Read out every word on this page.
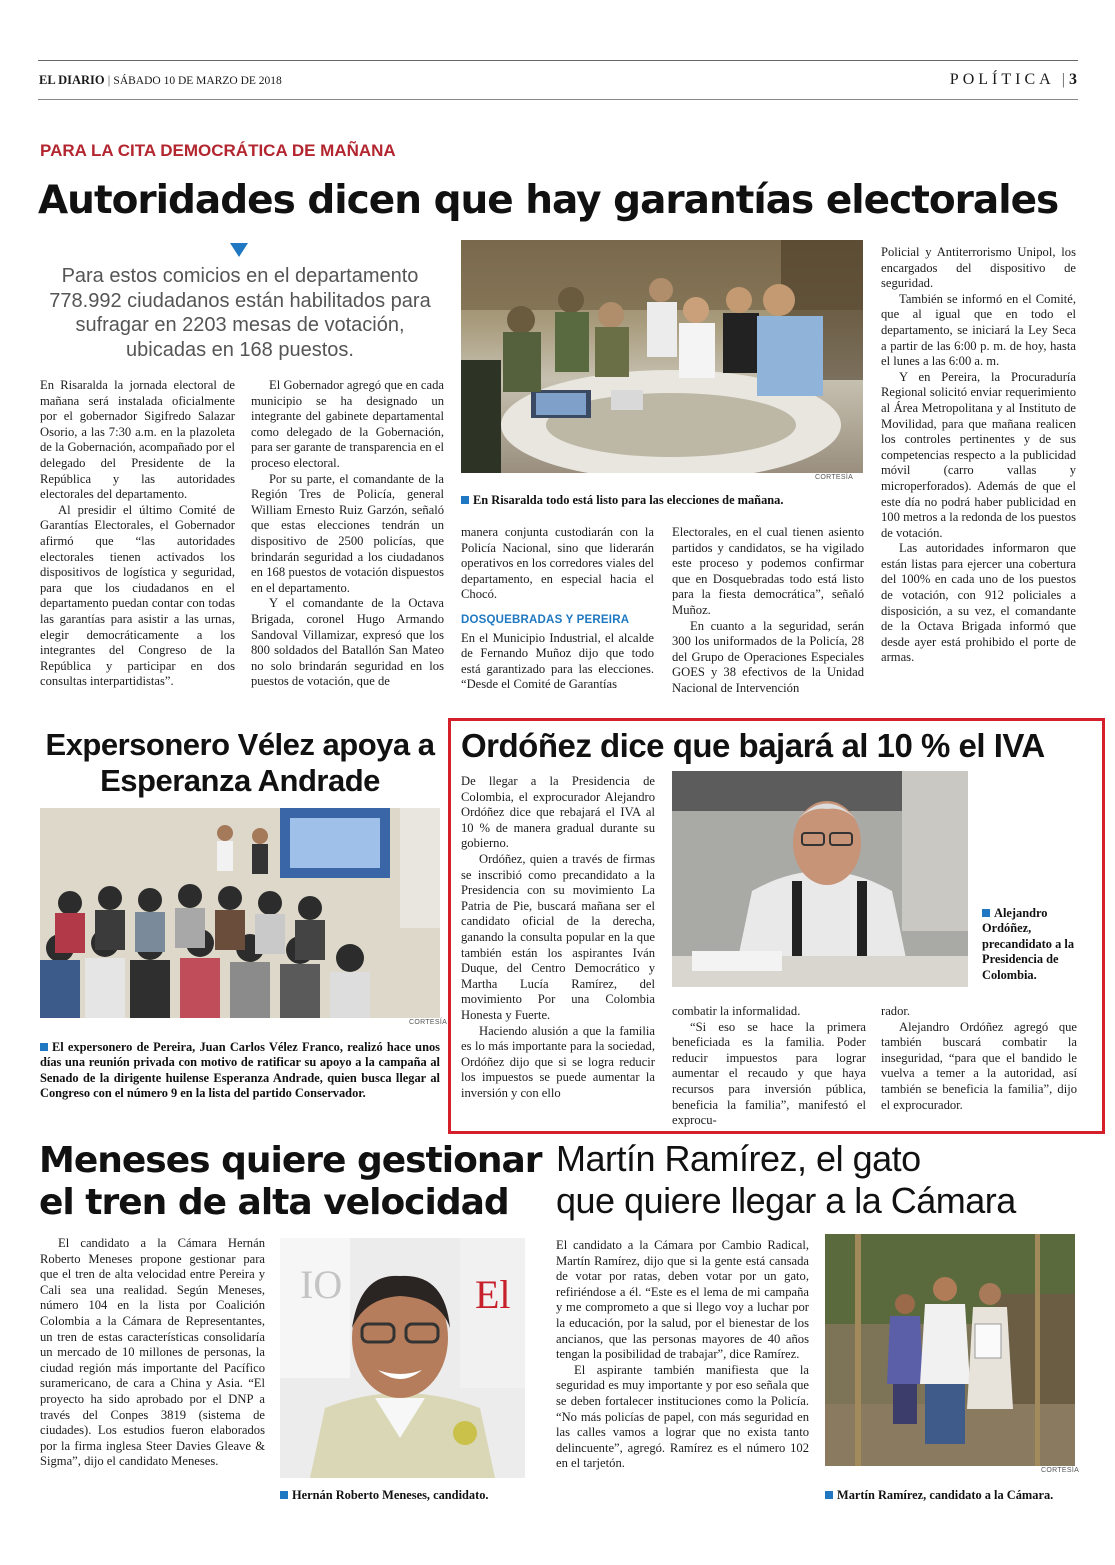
EL DIARIO | SÁBADO 10 DE MARZO DE 2018	POLÍTICA | 3
PARA LA CITA DEMOCRÁTICA DE MAÑANA
Autoridades dicen que hay garantías electorales
Para estos comicios en el departamento 778.992 ciudadanos están habilitados para sufragar en 2203 mesas de votación, ubicadas en 168 puestos.

En Risaralda la jornada electoral de mañana será instalada oficialmente por el gobernador Sigifredo Salazar Osorio, a las 7:30 a.m. en la plazoleta de la Gobernación, acompañado por el delegado del Presidente de la República y las autoridades electorales del departamento.

Al presidir el último Comité de Garantías Electorales, el Gobernador afirmó que “las autoridades electorales tienen activados los dispositivos de logística y seguridad, para que los ciudadanos en el departamento puedan contar con todas las garantías para asistir a las urnas, elegir democráticamente a los integrantes del Congreso de la República y participar en dos consultas interpartidistas”.

El Gobernador agregó que en cada municipio se ha designado un integrante del gabinete departamental como delegado de la Gobernación, para ser garante de transparencia en el proceso electoral.

Por su parte, el comandante de la Región Tres de Policía, general William Ernesto Ruiz Garzón, señaló que estas elecciones tendrán un dispositivo de 2500 policías, que brindarán seguridad a los ciudadanos en 168 puestos de votación dispuestos en el departamento.

Y el comandante de la Octava Brigada, coronel Hugo Armando Sandoval Villamizar, expresó que los 800 soldados del Batallón San Mateo no solo brindarán seguridad en los puestos de votación, que de

CORTESÍA
En Risaralda todo está listo para las elecciones de mañana.

manera conjunta custodiarán con la Policía Nacional, sino que liderarán operativos en los corredores viales del departamento, en especial hacia el Chocó.

DOSQUEBRADAS Y PEREIRA

En el Municipio Industrial, el alcalde de Fernando Muñoz dijo que todo está garantizado para las elecciones. “Desde el Comité de Garantías

Electorales, en el cual tienen asiento partidos y candidatos, se ha vigilado este proceso y podemos confirmar que en Dosquebradas todo está listo para la fiesta democrática”, señaló Muñoz.

En cuanto a la seguridad, serán 300 los uniformados de la Policía, 28 del Grupo de Operaciones Especiales GOES y 38 efectivos de la Unidad Nacional de Intervención

Policial y Antiterrorismo Unipol, los encargados del dispositivo de seguridad.

También se informó en el Comité, que al igual que en todo el departamento, se iniciará la Ley Seca a partir de las 6:00 p. m. de hoy, hasta el lunes a las 6:00 a. m.

Y en Pereira, la Procuraduría Regional solicitó enviar requerimiento al Área Metropolitana y al Instituto de Movilidad, para que mañana realicen los controles pertinentes y de sus competencias respecto a la publicidad móvil (carro vallas y microperforados). Además de que el este día no podrá haber publicidad en 100 metros a la redonda de los puestos de votación.

Las autoridades informaron que están listas para ejercer una cobertura del 100% en cada uno de los puestos de votación, con 912 policiales a disposición, a su vez, el comandante de la Octava Brigada informó que desde ayer está prohibido el porte de armas.

Expersonero Vélez apoya a Esperanza Andrade
CORTESÍA
El expersonero de Pereira, Juan Carlos Vélez Franco, realizó hace unos días una reunión privada con motivo de ratificar su apoyo a la campaña al Senado de la dirigente huilense Esperanza Andrade, quien busca llegar al Congreso con el número 9 en la lista del partido Conservador.
Ordóñez dice que bajará al 10 % el IVA

De llegar a la Presidencia de Colombia, el exprocurador Alejandro Ordóñez dice que rebajará el IVA al 10 % de manera gradual durante su gobierno.

Ordóñez, quien a través de firmas se inscribió como precandidato a la Presidencia con su movimiento La Patria de Pie, buscará mañana ser el candidato oficial de la derecha, ganando la consulta popular en la que también están los aspirantes Iván Duque, del Centro Democrático y Martha Lucía Ramírez, del movimiento Por una Colombia Honesta y Fuerte.

Haciendo alusión a que la familia es lo más importante para la sociedad, Ordóñez dijo que si se logra reducir los impuestos se puede aumentar la inversión y con ello

Alejandro Ordóñez, precandidato a la Presidencia de Colombia.

combatir la informalidad.

“Si eso se hace la primera beneficiada es la familia. Poder reducir impuestos para lograr aumentar el recaudo y que haya recursos para inversión pública, beneficia la familia”, manifestó el exprocu-

rador.

Alejandro Ordóñez agregó que también buscará combatir la inseguridad, “para que el bandido le vuelva a temer a la autoridad, así también se beneficia la familia”, dijo el exprocurador.

Meneses quiere gestionar
el tren de alta velocidad

El candidato a la Cámara Hernán Roberto Meneses propone gestionar para que el tren de alta velocidad entre Pereira y Cali sea una realidad. Según Meneses, número 104 en la lista por Coalición Colombia a la Cámara de Representantes, un tren de estas características consolidaría un mercado de 10 millones de personas, la ciudad región más importante del Pacífico suramericano, de cara a China y Asia. “El proyecto ha sido aprobado por el DNP a través del Conpes 3819 (sistema de ciudades). Los estudios fueron elaborados por la firma inglesa Steer Davies Gleave & Sigma”, dijo el candidato Meneses.

IO	El
Hernán Roberto Meneses, candidato.
Martín Ramírez, el gato
que quiere llegar a la Cámara

El candidato a la Cámara por Cambio Radical, Martín Ramírez, dijo que si la gente está cansada de votar por ratas, deben votar por un gato, refiriéndose a él. “Este es el lema de mi campaña y me comprometo a que si llego voy a luchar por la educación, por la salud, por el bienestar de los ancianos, que las personas mayores de 40 años tengan la posibilidad de trabajar”, dice Ramírez.

El aspirante también manifiesta que la seguridad es muy importante y por eso señala que se deben fortalecer instituciones como la Policía. “No más policías de papel, con más seguridad en las calles vamos a lograr que no exista tanto delincuente”, agregó. Ramírez es el número 102 en el tarjetón.

CORTESÍA
Martín Ramírez, candidato a la Cámara.
